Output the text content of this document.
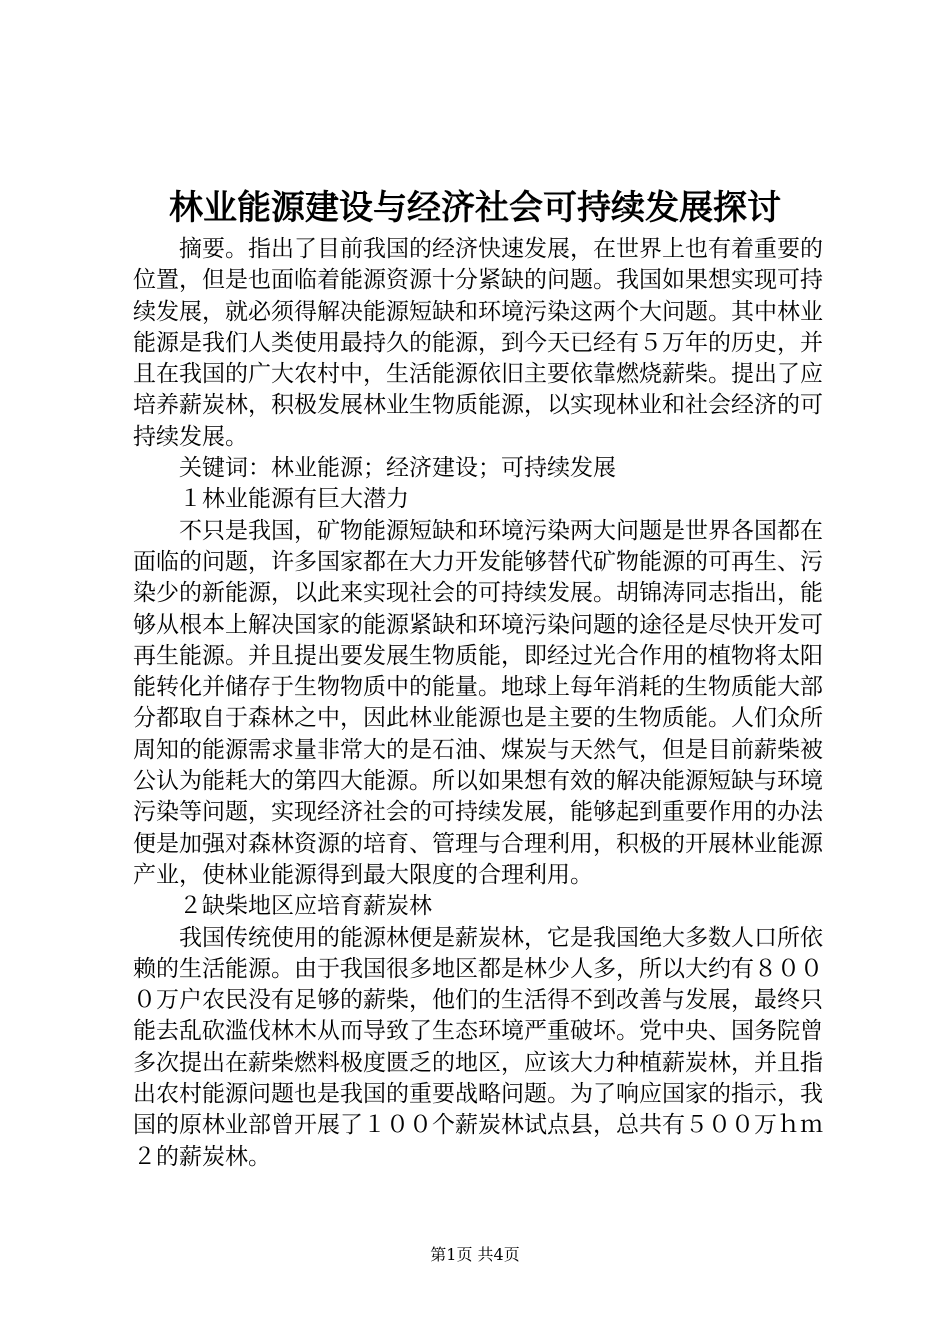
林业能源建设与经济社会可持续发展探讨

摘要。指出了目前我国的经济快速发展，在世界上也有着重要的位置，但是也面临着能源资源十分紧缺的问题。我国如果想实现可持续发展，就必须得解决能源短缺和环境污染这两个大问题。其中林业能源是我们人类使用最持久的能源，到今天已经有５万年的历史，并且在我国的广大农村中，生活能源依旧主要依靠燃烧薪柴。提出了应培养薪炭林，积极发展林业生物质能源，以实现林业和社会经济的可持续发展。

关键词：林业能源；经济建设；可持续发展

１林业能源有巨大潜力

不只是我国，矿物能源短缺和环境污染两大问题是世界各国都在面临的问题，许多国家都在大力开发能够替代矿物能源的可再生、污染少的新能源，以此来实现社会的可持续发展。胡锦涛同志指出，能够从根本上解决国家的能源紧缺和环境污染问题的途径是尽快开发可再生能源。并且提出要发展生物质能，即经过光合作用的植物将太阳能转化并储存于生物物质中的能量。地球上每年消耗的生物质能大部分都取自于森林之中，因此林业能源也是主要的生物质能。人们众所周知的能源需求量非常大的是石油、煤炭与天然气，但是目前薪柴被公认为能耗大的第四大能源。所以如果想有效的解决能源短缺与环境污染等问题，实现经济社会的可持续发展，能够起到重要作用的办法便是加强对森林资源的培育、管理与合理利用，积极的开展林业能源产业，使林业能源得到最大限度的合理利用。

２缺柴地区应培育薪炭林

我国传统使用的能源林便是薪炭林，它是我国绝大多数人口所依赖的生活能源。由于我国很多地区都是林少人多，所以大约有８０００万户农民没有足够的薪柴，他们的生活得不到改善与发展，最终只能去乱砍滥伐林木从而导致了生态环境严重破坏。党中央、国务院曾多次提出在薪柴燃料极度匮乏的地区，应该大力种植薪炭林，并且指出农村能源问题也是我国的重要战略问题。为了响应国家的指示，我国的原林业部曾开展了１００个薪炭林试点县，总共有５００万ｈｍ２的薪炭林。

第1页 共4页
